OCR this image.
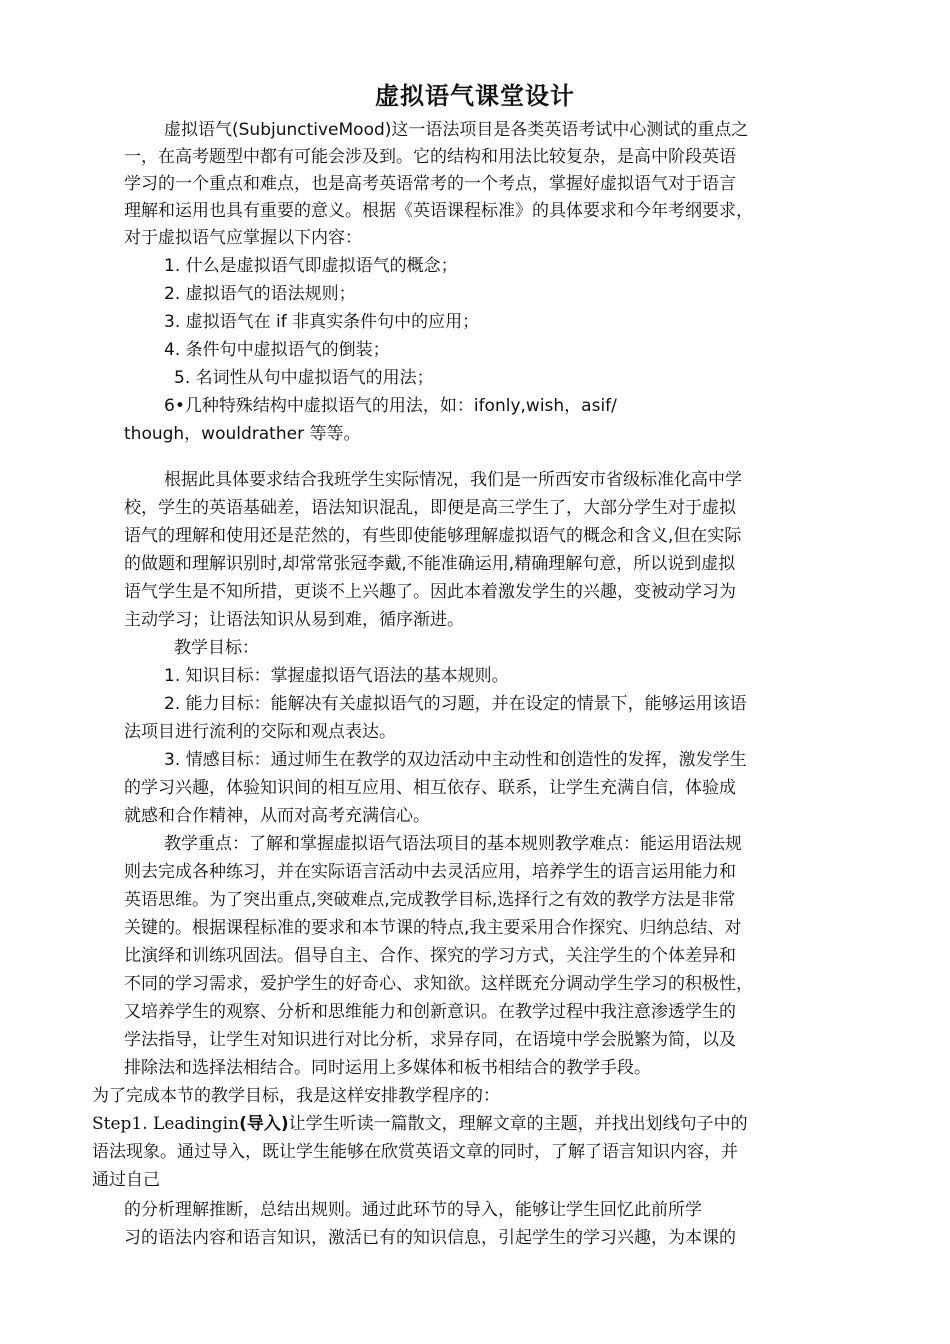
虚拟语气课堂设计
虚拟语气(SubjunctiveMood)这一语法项目是各类英语考试中心测试的重点之
一，在高考题型中都有可能会涉及到。它的结构和用法比较复杂，是高中阶段英语
学习的一个重点和难点，也是高考英语常考的一个考点，掌握好虚拟语气对于语言
理解和运用也具有重要的意义。根据《英语课程标准》的具体要求和今年考纲要求，
对于虚拟语气应掌握以下内容：
1. 什么是虚拟语气即虚拟语气的概念；
2. 虚拟语气的语法规则；
3. 虚拟语气在 if 非真实条件句中的应用；
4. 条件句中虚拟语气的倒装；
5. 名词性从句中虚拟语气的用法；
6•几种特殊结构中虚拟语气的用法，如：ifonly,wish，asif/
though，wouldrather 等等。
根据此具体要求结合我班学生实际情况，我们是一所西安市省级标准化高中学
校，学生的英语基础差，语法知识混乱，即便是高三学生了，大部分学生对于虚拟
语气的理解和使用还是茫然的，有些即使能够理解虚拟语气的概念和含义,但在实际
的做题和理解识别时,却常常张冠李戴,不能准确运用,精确理解句意，所以说到虚拟
语气学生是不知所措，更谈不上兴趣了。因此本着激发学生的兴趣，变被动学习为
主动学习；让语法知识从易到难，循序渐进。
教学目标：
1. 知识目标：掌握虚拟语气语法的基本规则。
2. 能力目标：能解决有关虚拟语气的习题，并在设定的情景下，能够运用该语
法项目进行流利的交际和观点表达。
3. 情感目标：通过师生在教学的双边活动中主动性和创造性的发挥，激发学生
的学习兴趣，体验知识间的相互应用、相互依存、联系，让学生充满自信，体验成
就感和合作精神，从而对高考充满信心。
教学重点：了解和掌握虚拟语气语法项目的基本规则教学难点：能运用语法规
则去完成各种练习，并在实际语言活动中去灵活应用，培养学生的语言运用能力和
英语思维。为了突出重点,突破难点,完成教学目标,选择行之有效的教学方法是非常
关键的。根据课程标准的要求和本节课的特点,我主要采用合作探究、归纳总结、对
比演绎和训练巩固法。倡导自主、合作、探究的学习方式，关注学生的个体差异和
不同的学习需求，爱护学生的好奇心、求知欲。这样既充分调动学生学习的积极性，
又培养学生的观察、分析和思维能力和创新意识。在教学过程中我注意渗透学生的
学法指导，让学生对知识进行对比分析，求异存同，在语境中学会脱繁为简，以及
排除法和选择法相结合。同时运用上多媒体和板书相结合的教学手段。
为了完成本节的教学目标，我是这样安排教学程序的：
Step1. Leadingin(导入)让学生听读一篇散文，理解文章的主题，并找出划线句子中的
语法现象。通过导入，既让学生能够在欣赏英语文章的同时，了解了语言知识内容，并
通过自己
的分析理解推断，总结出规则。通过此环节的导入，能够让学生回忆此前所学
习的语法内容和语言知识，激活已有的知识信息，引起学生的学习兴趣，为本课的
